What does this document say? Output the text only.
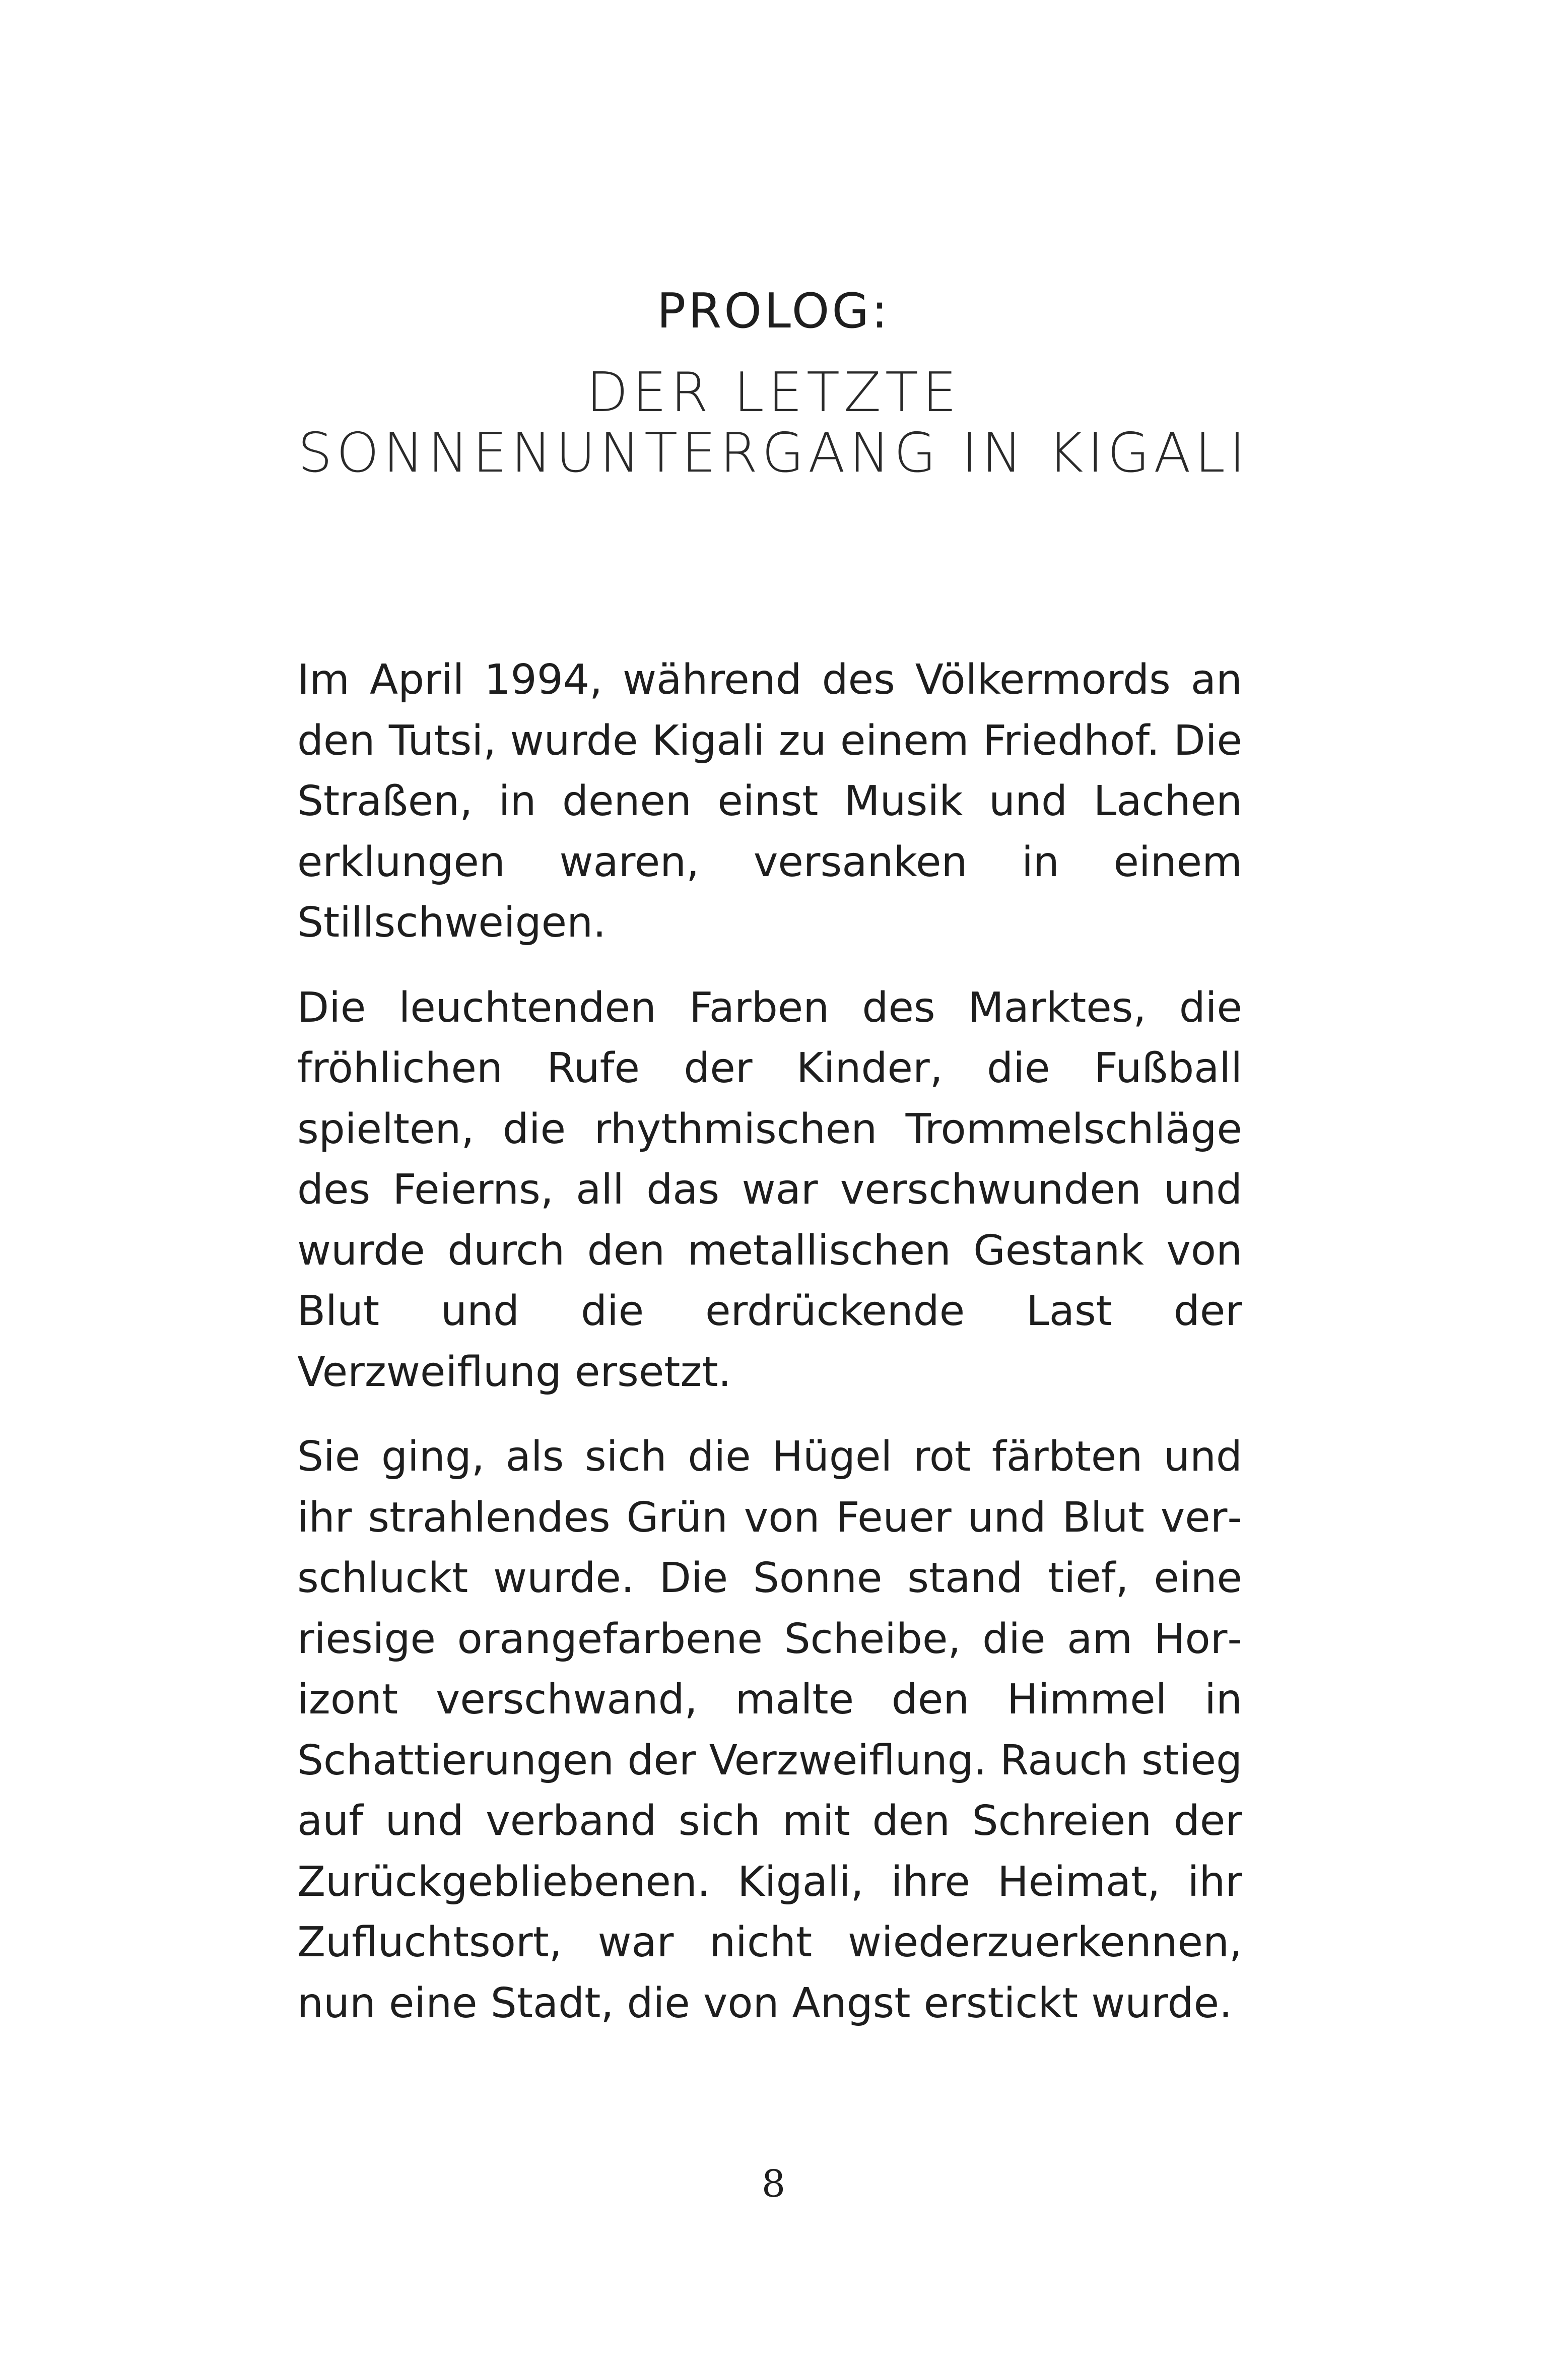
PROLOG:
DER LETZTE
SONNENUNTERGANG IN KIGALI

Im April 1994, während des Völkermords an den Tutsi, wurde Kigali zu einem Friedhof. Die Straßen, in denen einst Musik und Lachen erklungen waren, versanken in einem Stillschweigen.

Die leuchtenden Farben des Marktes, die fröhlichen Rufe der Kinder, die Fußball spielten, die rhythmischen Trommelschläge des Feierns, all das war verschwunden und wurde durch den metallischen Gestank von Blut und die erdrückende Last der Verzweiflung ersetzt.

Sie ging, als sich die Hügel rot färbten und ihr strahlendes Grün von Feuer und Blut verschluckt wurde. Die Sonne stand tief, eine riesige orangefarbene Scheibe, die am Horizont verschwand, malte den Himmel in Schattierungen der Verzweiflung. Rauch stieg auf und verband sich mit den Schreien der Zurückgebliebenen. Kigali, ihre Heimat, ihr Zufluchtsort, war nicht wiederzuerkennen, nun eine Stadt, die von Angst erstickt wurde.

8
